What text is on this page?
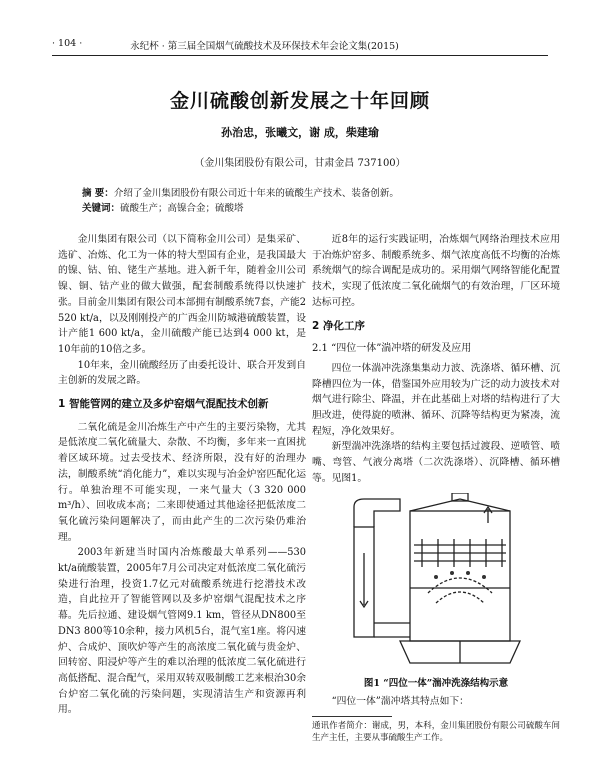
· 104 ·	永纪杯 · 第三届全国烟气硫酸技术及环保技术年会论文集(2015)
金川硫酸创新发展之十年回顾
孙治忠，张曦文，谢 成，柴建瑜
（金川集团股份有限公司，甘肃金昌 737100）
摘 要：介绍了金川集团股份有限公司近十年来的硫酸生产技术、装备创新。
关键词：硫酸生产；高镍合金；硫酸塔

金川集团有限公司（以下简称金川公司）是集采矿、选矿、冶炼、化工为一体的特大型国有企业，是我国最大的镍、钴、铂、铑生产基地。进入新千年，随着金川公司镍、铜、钴产业的做大做强，配套制酸系统得以快速扩张。目前金川集团有限公司本部拥有制酸系统7套，产能2 520 kt/a，以及刚刚投产的广西金川防城港硫酸装置，设计产能1 600 kt/a，金川硫酸产能已达到4 000 kt，是10年前的10倍之多。

10年来，金川硫酸经历了由委托设计、联合开发到自主创新的发展之路。

1 智能管网的建立及多炉窑烟气混配技术创新

二氧化硫是金川冶炼生产中产生的主要污染物，尤其是低浓度二氧化硫量大、杂散、不均衡，多年来一直困扰着区域环境。过去受技术、经济所限，没有好的治理办法，制酸系统“消化能力”，难以实现与冶金炉窑匹配化运行。单独治理不可能实现，一来气量大（3 320 000 m³/h）、回收成本高；二来即使通过其他途径把低浓度二氧化硫污染问题解决了，而由此产生的二次污染仍难治理。

2003年新建当时国内冶炼酸最大单系列——530 kt/a硫酸装置，2005年7月公司决定对低浓度二氧化硫污染进行治理，投资1.7亿元对硫酸系统进行挖潜技术改造，自此拉开了智能管网以及多炉窑烟气混配技术之序幕。先后拉通、建设烟气管网9.1 km，管径从DN800至DN3 800等10余种，接力风机5台，混气室1座。将闪速炉、合成炉、顶吹炉等产生的高浓度二氧化硫与贵金炉、回转窑、阳浸炉等产生的难以治理的低浓度二氧化硫进行高低搭配、混合配气，采用双转双吸制酸工艺来根治30余台炉窑二氧化硫的污染问题，实现清洁生产和资源再利用。

近8年的运行实践证明，冶炼烟气网络治理技术应用于冶炼炉窑多、制酸系统多、烟气浓度高低不均衡的冶炼系统烟气的综合调配是成功的。采用烟气网络智能化配置技术，实现了低浓度二氧化硫烟气的有效治理，厂区环境达标可控。

2 净化工序
2.1 “四位一体”湍冲塔的研发及应用

四位一体湍冲洗涤集集动力波、洗涤塔、循环槽、沉降槽四位为一体，借鉴国外应用较为广泛的动力波技术对烟气进行除尘、降温，并在此基础上对塔的结构进行了大胆改进，使得旋的喷淋、循环、沉降等结构更为紧凑，流程短，净化效果好。

新型湍冲洗涤塔的结构主要包括过渡段、逆喷管、喷嘴、弯管、气液分离塔（二次洗涤塔）、沉降槽、循环槽等。见图1。

图1 “四位一体”湍冲洗涤结构示意

“四位一体”湍冲塔其特点如下：

通讯作者简介：谢成，男，本科，金川集团股份有限公司硫酸车间生产主任，主要从事硫酸生产工作。
